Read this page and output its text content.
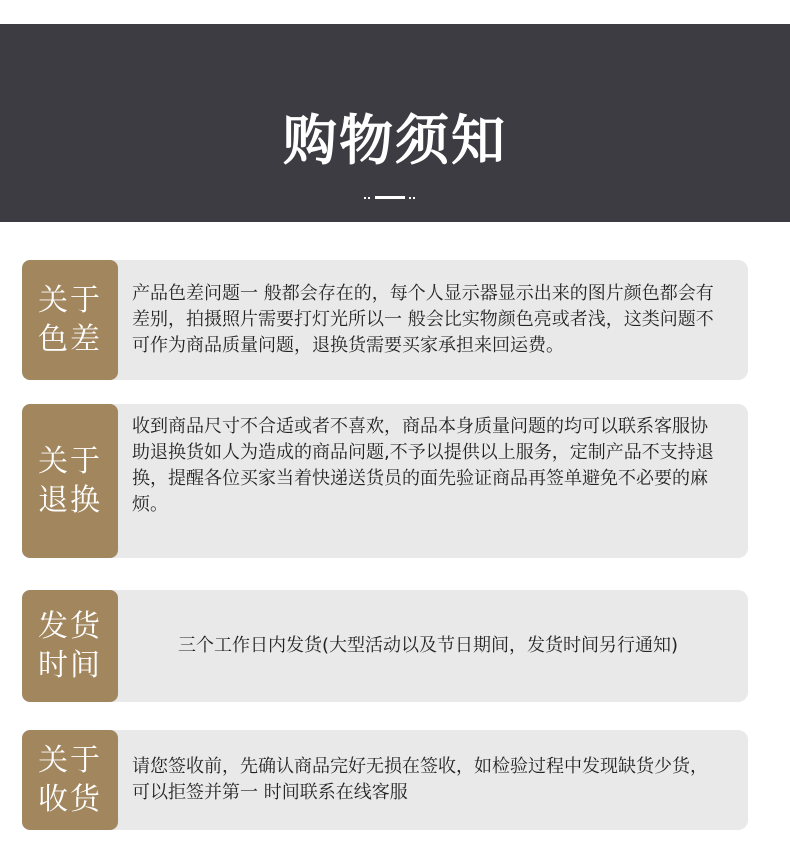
购物须知
关于
色差
产品色差问题一 般都会存在的，每个人显示器显示出来的图片颜色都会有差别，拍摄照片需要打灯光所以一 般会比实物颜色亮或者浅，这类问题不可作为商品质量问题，退换货需要买家承担来回运费。
关于
退换
收到商品尺寸不合适或者不喜欢，商品本身质量问题的均可以联系客服协助退换货如人为造成的商品问题,不予以提供以上服务，定制产品不支持退换，提醒各位买家当着快递送货员的面先验证商品再签单避免不必要的麻烦。
发货
时间
三个工作日内发货(大型活动以及节日期间，发货时间另行通知)
关于
收货
请您签收前，先确认商品完好无损在签收，如检验过程中发现缺货少货，可以拒签并第一 时间联系在线客服
